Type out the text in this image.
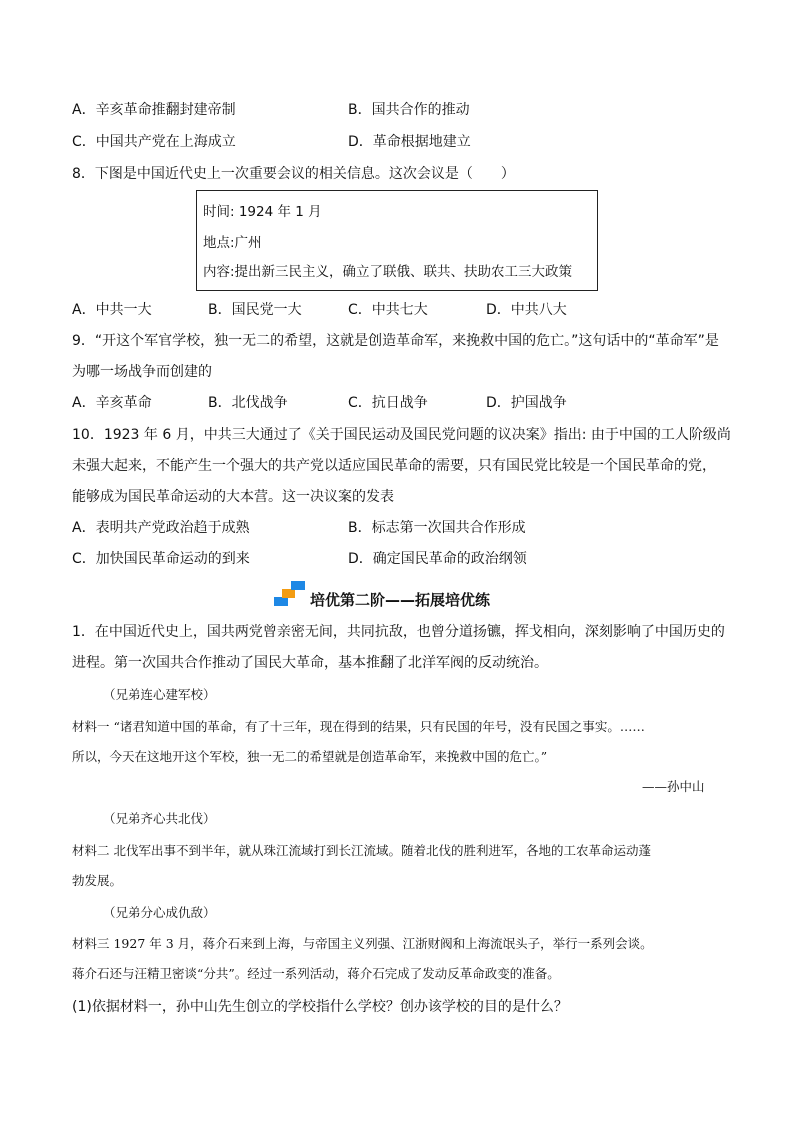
A．辛亥革命推翻封建帝制	B．国共合作的推动
C．中国共产党在上海成立	D．革命根据地建立
8．下图是中国近代史上一次重要会议的相关信息。这次会议是（　　）
时间: 1924 年 1 月
地点:广州
内容:提出新三民主义，确立了联俄、联共、扶助农工三大政策
A．中共一大	B．国民党一大	C．中共七大	D．中共八大
9．“开这个军官学校，独一无二的希望，这就是创造革命军，来挽救中国的危亡。”这句话中的“革命军”是
为哪一场战争而创建的
A．辛亥革命	B．北伐战争	C．抗日战争	D．护国战争
10．1923 年 6 月，中共三大通过了《关于国民运动及国民党问题的议决案》指出: 由于中国的工人阶级尚
未强大起来，不能产生一个强大的共产党以适应国民革命的需要，只有国民党比较是一个国民革命的党，
能够成为国民革命运动的大本营。这一决议案的发表
A．表明共产党政治趋于成熟	B．标志第一次国共合作形成
C．加快国民革命运动的到来	D．确定国民革命的政治纲领
培优第二阶——拓展培优练
1．在中国近代史上，国共两党曾亲密无间，共同抗敌，也曾分道扬镳，挥戈相向，深刻影响了中国历史的
进程。第一次国共合作推动了国民大革命，基本推翻了北洋军阀的反动统治。
（兄弟连心建军校）
材料一 “诸君知道中国的革命，有了十三年，现在得到的结果，只有民国的年号，没有民国之事实。……
所以，今天在这地开这个军校，独一无二的希望就是创造革命军，来挽救中国的危亡。”
——孙中山
（兄弟齐心共北伐）
材料二 北伐军出事不到半年，就从珠江流域打到长江流域。随着北伐的胜利进军，各地的工农革命运动蓬
勃发展。
（兄弟分心成仇敌）
材料三 1927 年 3 月，蒋介石来到上海，与帝国主义列强、江浙财阀和上海流氓头子，举行一系列会谈。
蒋介石还与汪精卫密谈“分共”。经过一系列活动，蒋介石完成了发动反革命政变的准备。
(1)依据材料一，孙中山先生创立的学校指什么学校？创办该学校的目的是什么？
